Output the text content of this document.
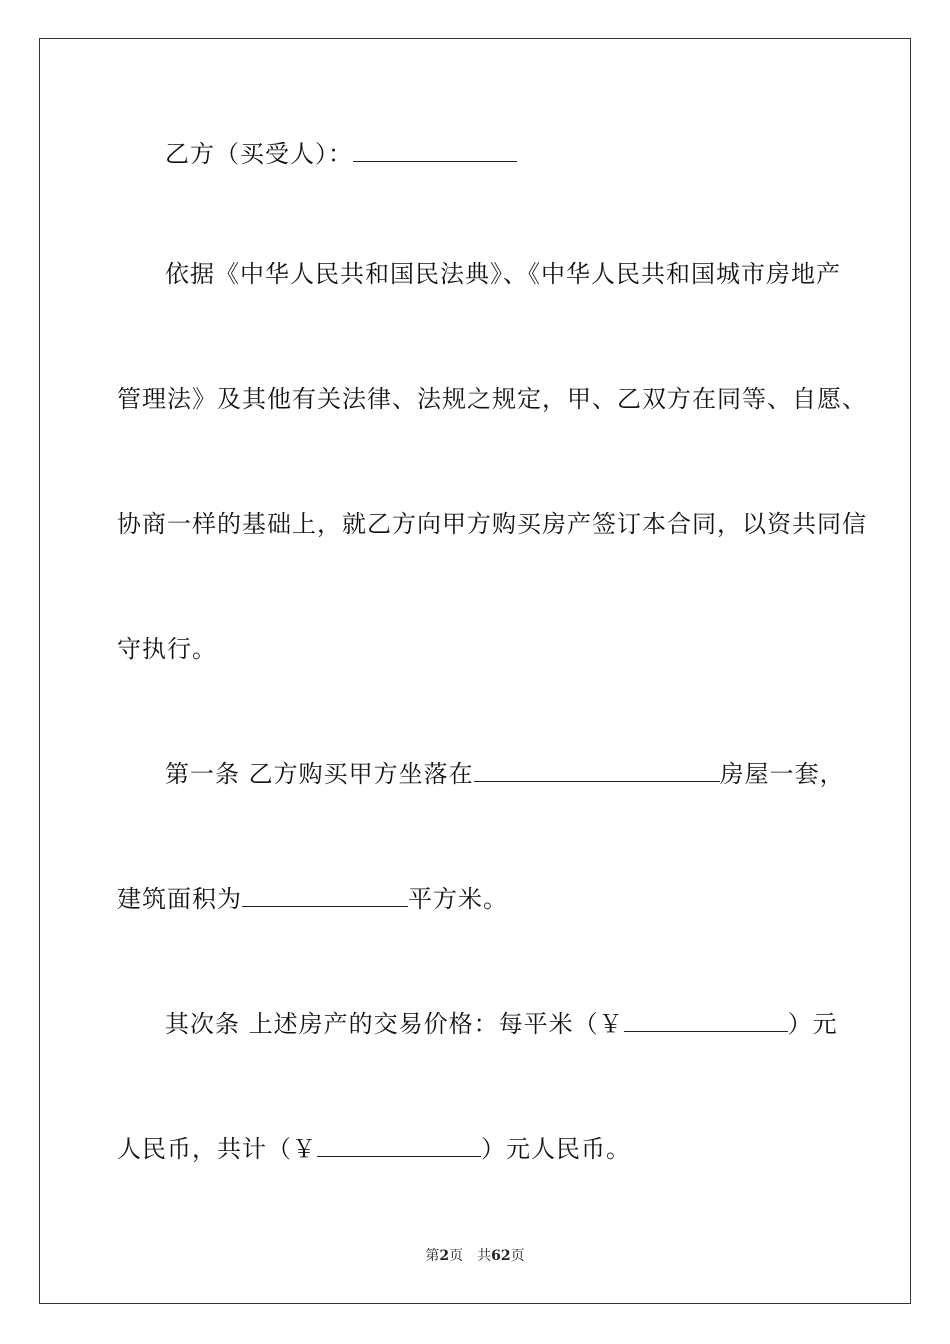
乙方（买受人）：
依据《中华人民共和国民法典》、《中华人民共和国城市房地产
管理法》及其他有关法律、法规之规定，甲、乙双方在同等、自愿、
协商一样的基础上，就乙方向甲方购买房产签订本合同，以资共同信
守执行。
第一条 乙方购买甲方坐落在	房屋一套，
建筑面积为	平方米。
其次条 上述房产的交易价格：每平米（￥	）元
人民币，共计（￥	）元人民币。
第2页 共62页
